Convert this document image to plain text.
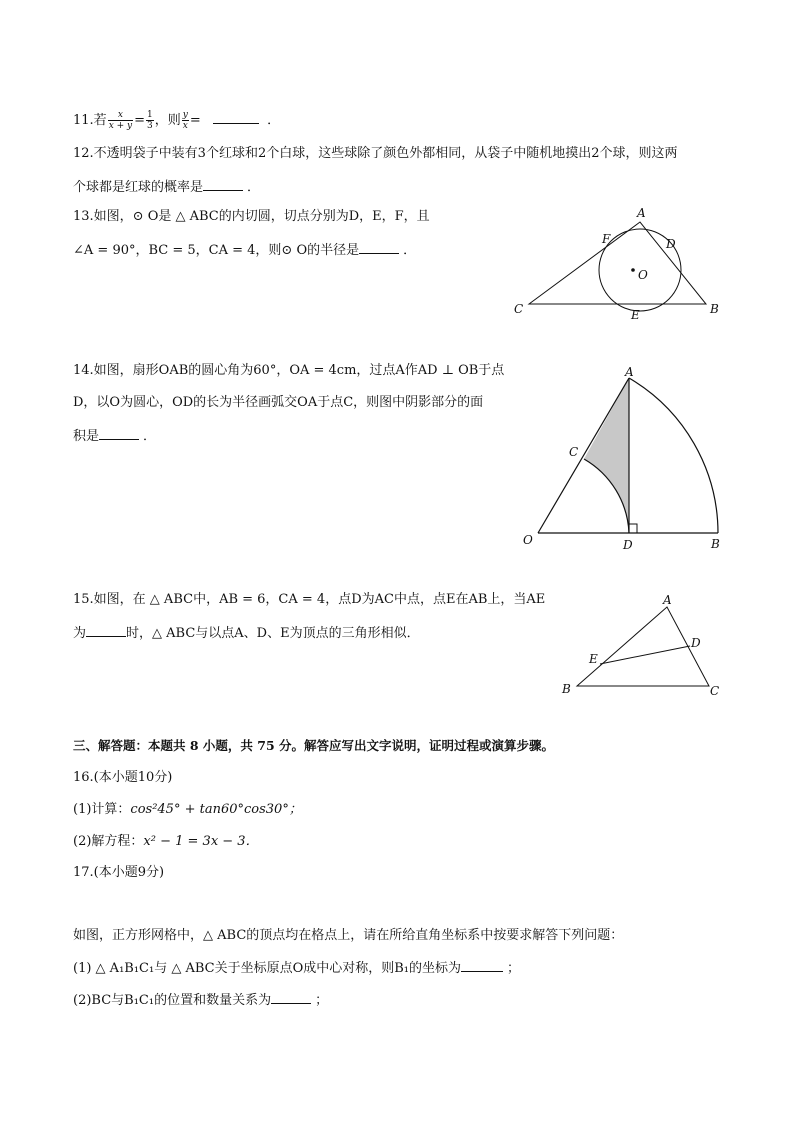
11.若 $\frac{x}{x + y} = \frac{1}{3}$ ，则 $\frac{y}{x}$ =	．
12.不透明袋子中装有3个红球和2个白球，这些球除了颜色外都相同，从袋子中随机地摸出2个球，则这两
个球都是红球的概率是	．
13.如图，⊙ O是 △ ABC的内切圆，切点分别为D，E，F，且
∠A = 90°，BC = 5，CA = 4，则⊙ O的半径是	．
A
B
C
D
E
F
O
14.如图，扇形OAB的圆心角为60°，OA = 4cm，过点A作AD ⊥ OB于点
D，以O为圆心，OD的长为半径画弧交OA于点C，则图中阴影部分的面
积是	．
A
B
C
D
O
15.如图，在 △ ABC中，AB = 6，CA = 4，点D为AC中点，点E在AB上，当AE
为	时，△ ABC与以点A、D、E为顶点的三角形相似．
A
B	C
D
E
三、解答题：本题共 8 小题，共 75 分。解答应写出文字说明，证明过程或演算步骤。
16.(本小题10分)
(1)计算：cos²45° + tan60°cos30°；
(2)解方程：x² − 1 = 3x − 3．
17.(本小题9分)
如图，正方形网格中，△ ABC的顶点均在格点上，请在所给直角坐标系中按要求解答下列问题：
(1) △ A₁B₁C₁与 △ ABC关于坐标原点O成中心对称，则B₁的坐标为	；
(2)BC与B₁C₁的位置和数量关系为	；
